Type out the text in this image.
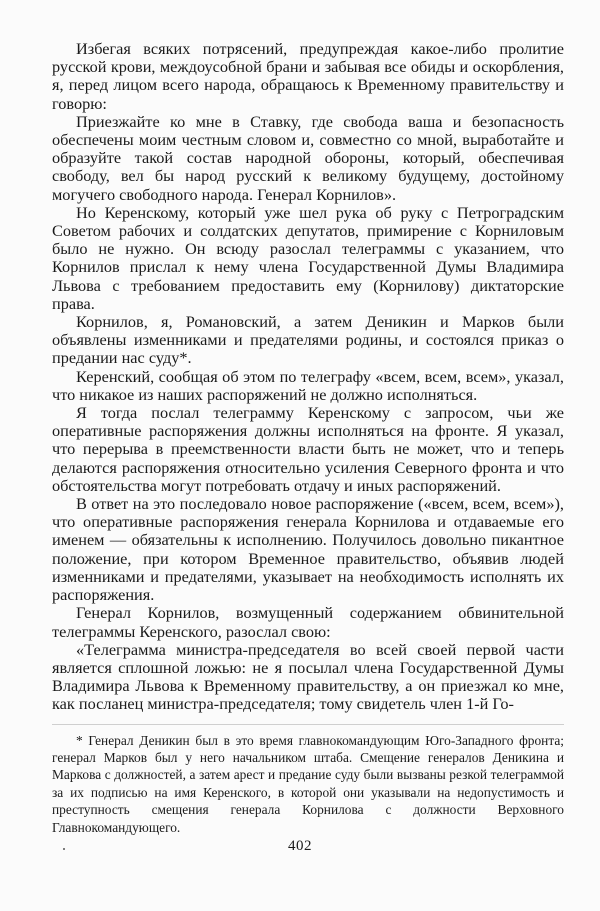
Избегая всяких потрясений, предупреждая какое-либо пролитие русской крови, междоусобной брани и забывая все обиды и оскорбления, я, перед лицом всего народа, обращаюсь к Временному правительству и говорю:

Приезжайте ко мне в Ставку, где свобода ваша и безопасность обеспечены моим честным словом и, совместно со мной, выработайте и образуйте такой состав народной обороны, который, обеспечивая свободу, вел бы народ русский к великому будущему, достойному могучего свободного народа. Генерал Корнилов».

Но Керенскому, который уже шел рука об руку с Петроградским Советом рабочих и солдатских депутатов, примирение с Корниловым было не нужно. Он всюду разослал телеграммы с указанием, что Корнилов прислал к нему члена Государственной Думы Владимира Львова с требованием предоставить ему (Корнилову) диктаторские права.

Корнилов, я, Романовский, а затем Деникин и Марков были объявлены изменниками и предателями родины, и состоялся приказ о предании нас суду*.

Керенский, сообщая об этом по телеграфу «всем, всем, всем», указал, что никакое из наших распоряжений не должно исполняться.

Я тогда послал телеграмму Керенскому с запросом, чьи же оперативные распоряжения должны исполняться на фронте. Я указал, что перерыва в преемственности власти быть не может, что и теперь делаются распоряжения относительно усиления Северного фронта и что обстоятельства могут потребовать отдачу и иных распоряжений.

В ответ на это последовало новое распоряжение («всем, всем, всем»), что оперативные распоряжения генерала Корнилова и отдаваемые его именем — обязательны к исполнению. Получилось довольно пикантное положение, при котором Временное правительство, объявив людей изменниками и предателями, указывает на необходимость исполнять их распоряжения.

Генерал Корнилов, возмущенный содержанием обвинительной телеграммы Керенского, разослал свою:

«Телеграмма министра-председателя во всей своей первой части является сплошной ложью: не я посылал члена Государственной Думы Владимира Львова к Временному правительству, а он приезжал ко мне, как посланец министра-председателя; тому свидетель член 1-й Го-

* Генерал Деникин был в это время главнокомандующим Юго-Западного фронта; генерал Марков был у него начальником штаба. Смещение генералов Деникина и Маркова с должностей, а затем арест и предание суду были вызваны резкой телеграммой за их подписью на имя Керенского, в которой они указывали на недопустимость и преступность смещения генерала Корнилова с должности Верховного Главнокомандующего.

402
